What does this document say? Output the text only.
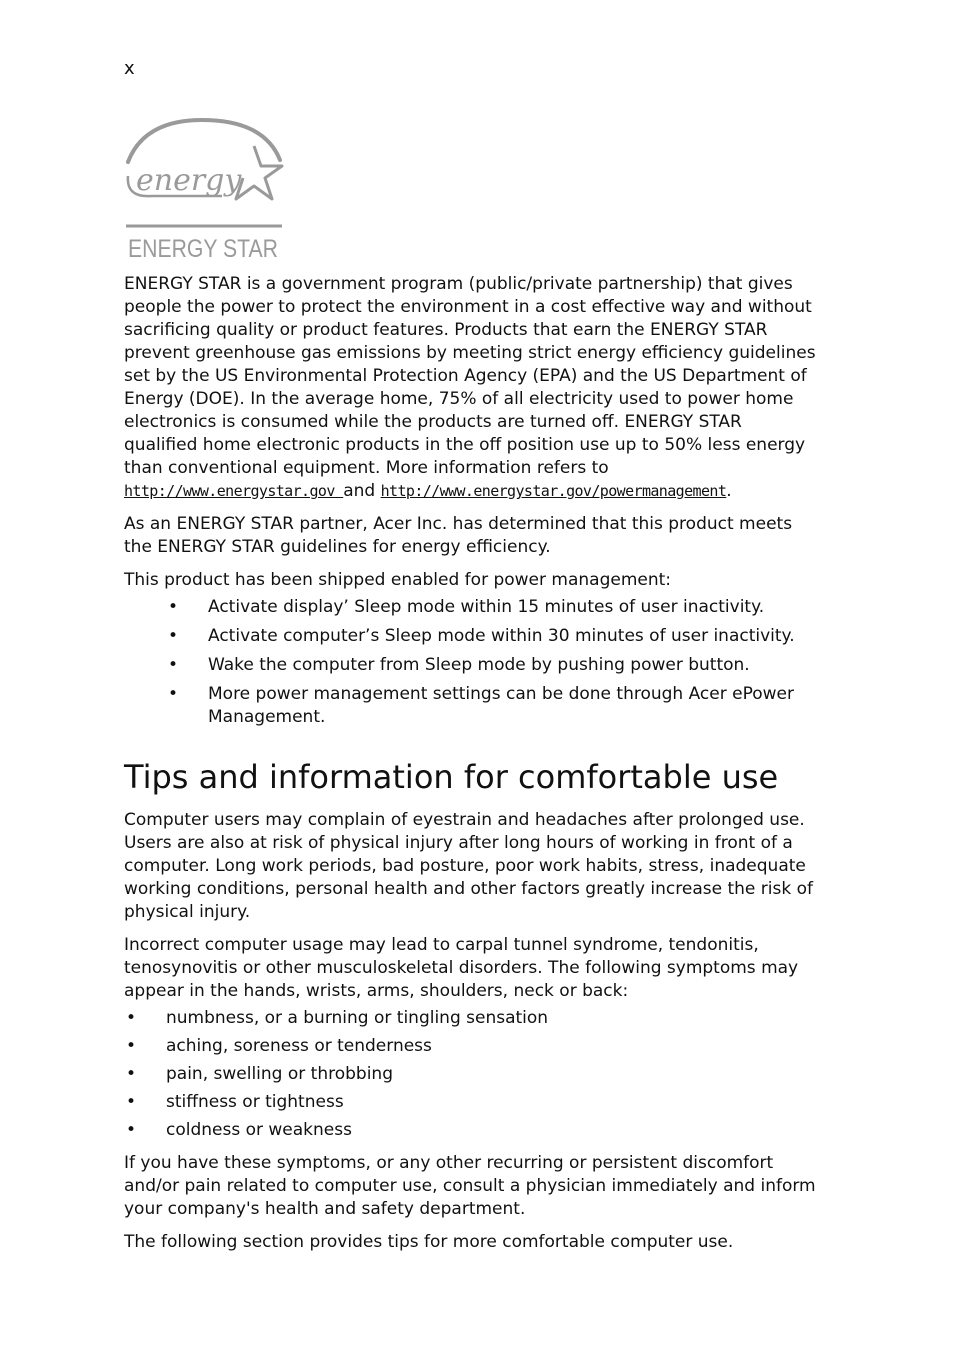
x
energy
ENERGY STAR

ENERGY STAR is a government program (public/private partnership) that gives people the power to protect the environment in a cost effective way and without sacrificing quality or product features. Products that earn the ENERGY STAR prevent greenhouse gas emissions by meeting strict energy efficiency guidelines set by the US Environmental Protection Agency (EPA) and the US Department of Energy (DOE). In the average home, 75% of all electricity used to power home electronics is consumed while the products are turned off. ENERGY STAR qualified home electronic products in the off position use up to 50% less energy than conventional equipment. More information refers to http://www.energystar.gov and http://www.energystar.gov/powermanagement.

As an ENERGY STAR partner, Acer Inc. has determined that this product meets the ENERGY STAR guidelines for energy efficiency.

This product has been shipped enabled for power management:

• Activate display’ Sleep mode within 15 minutes of user inactivity.
• Activate computer’s Sleep mode within 30 minutes of user inactivity.
• Wake the computer from Sleep mode by pushing power button.
• More power management settings can be done through Acer ePower Management.
Tips and information for comfortable use

Computer users may complain of eyestrain and headaches after prolonged use. Users are also at risk of physical injury after long hours of working in front of a computer. Long work periods, bad posture, poor work habits, stress, inadequate working conditions, personal health and other factors greatly increase the risk of physical injury.

Incorrect computer usage may lead to carpal tunnel syndrome, tendonitis, tenosynovitis or other musculoskeletal disorders. The following symptoms may appear in the hands, wrists, arms, shoulders, neck or back:

• numbness, or a burning or tingling sensation
• aching, soreness or tenderness
• pain, swelling or throbbing
• stiffness or tightness
• coldness or weakness

If you have these symptoms, or any other recurring or persistent discomfort and/or pain related to computer use, consult a physician immediately and inform your company's health and safety department.

The following section provides tips for more comfortable computer use.
